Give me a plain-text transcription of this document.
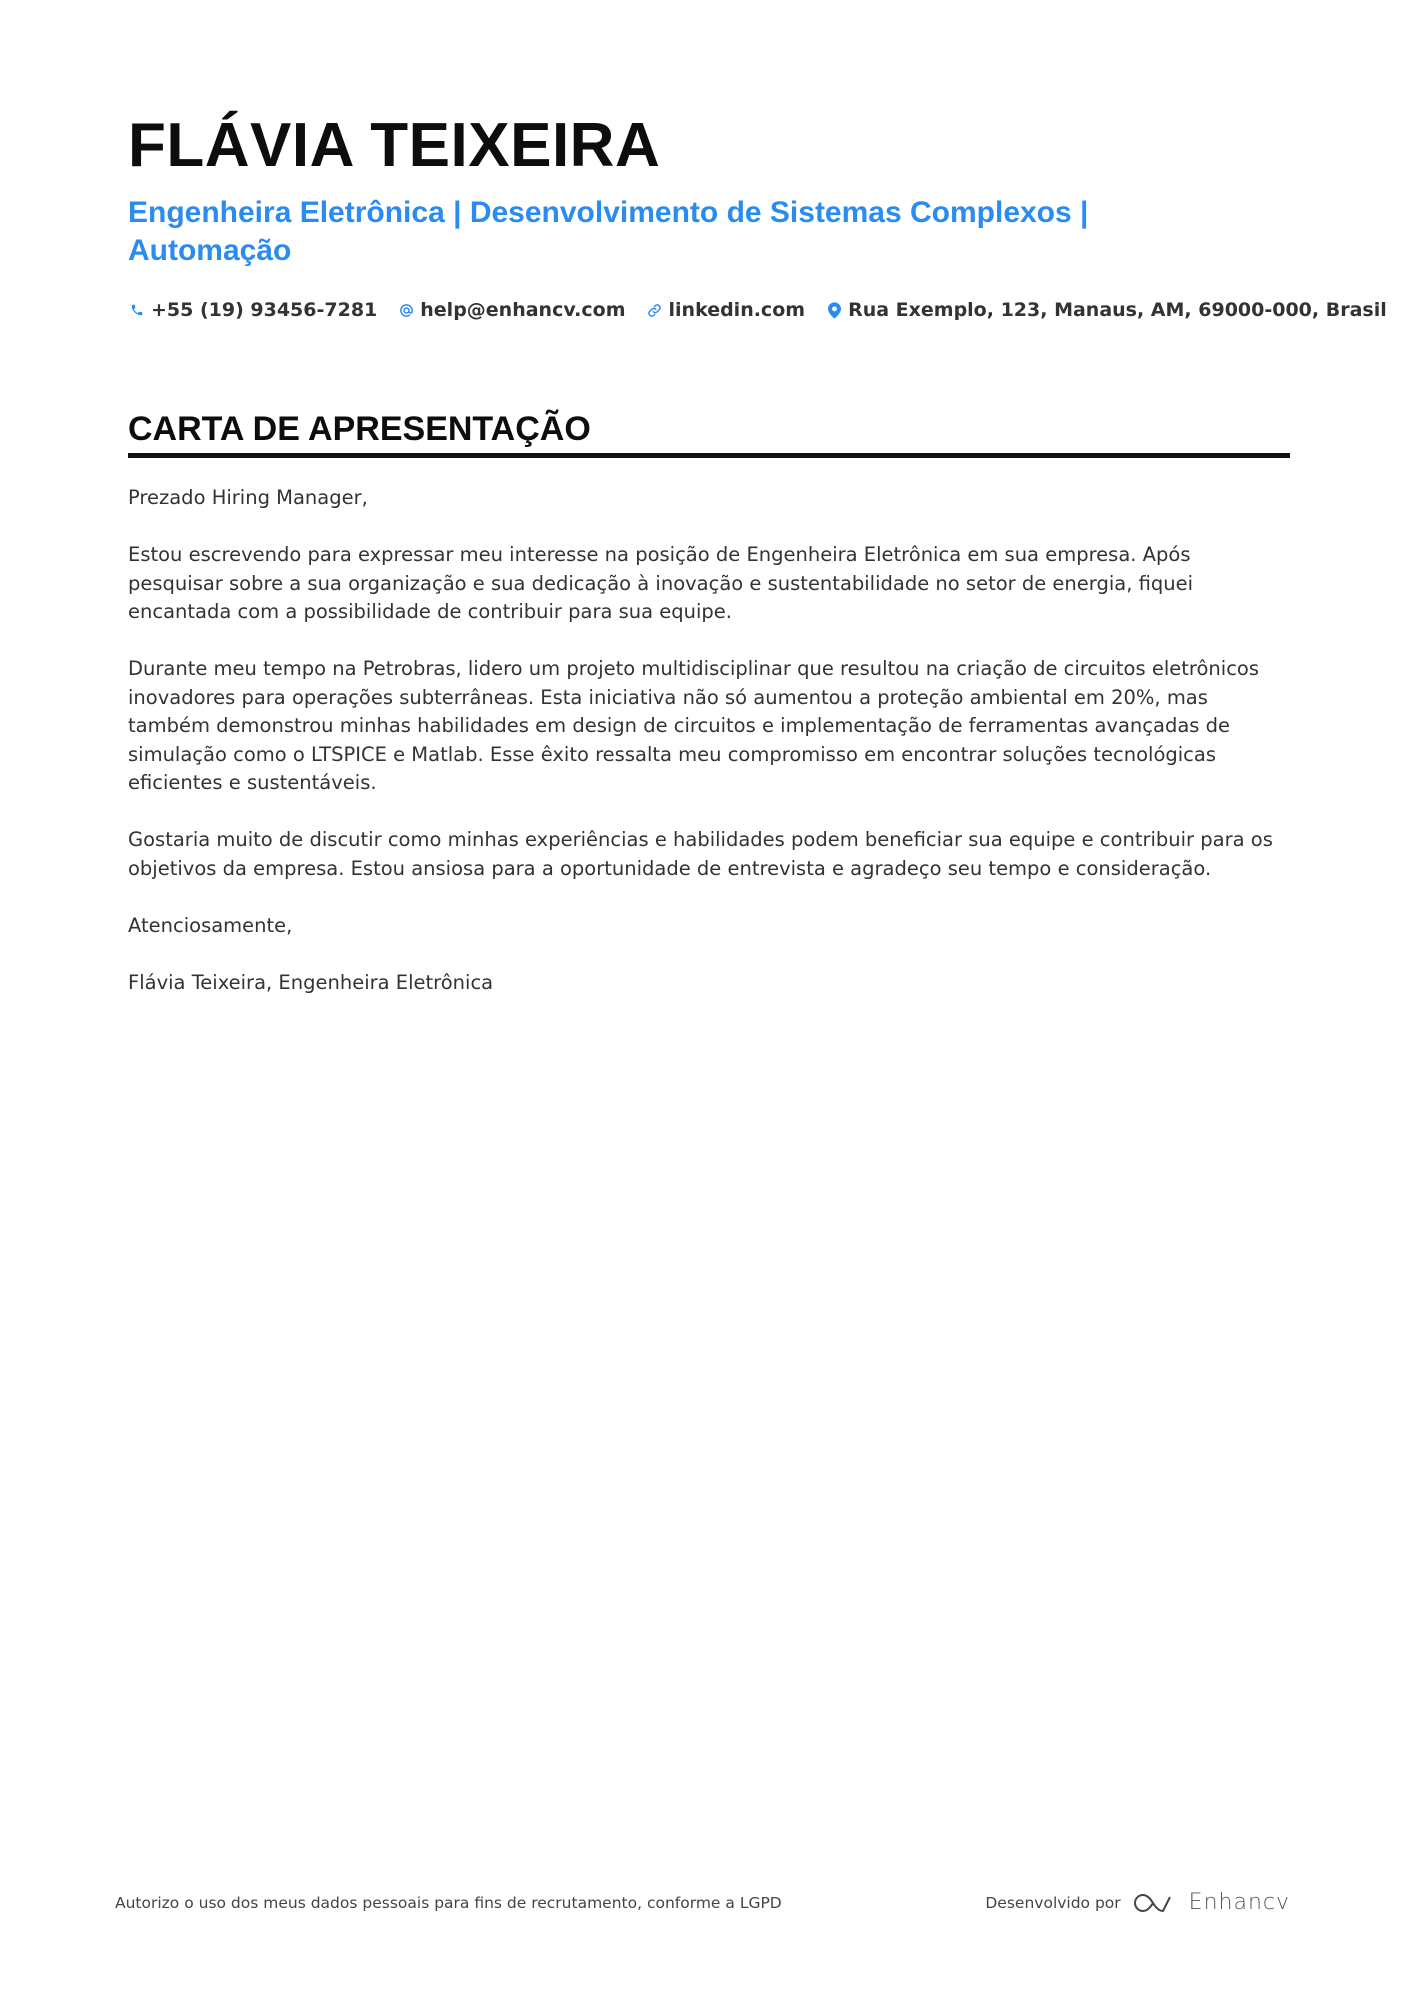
FLÁVIA TEIXEIRA
Engenheira Eletrônica | Desenvolvimento de Sistemas Complexos | Automação
+55 (19) 93456-7281 help@enhancv.com linkedin.com Rua Exemplo, 123, Manaus, AM, 69000-000, Brasil
CARTA DE APRESENTAÇÃO

Prezado Hiring Manager,

Estou escrevendo para expressar meu interesse na posição de Engenheira Eletrônica em sua empresa. Após pesquisar sobre a sua organização e sua dedicação à inovação e sustentabilidade no setor de energia, fiquei encantada com a possibilidade de contribuir para sua equipe.

Durante meu tempo na Petrobras, lidero um projeto multidisciplinar que resultou na criação de circuitos eletrônicos inovadores para operações subterrâneas. Esta iniciativa não só aumentou a proteção ambiental em 20%, mas também demonstrou minhas habilidades em design de circuitos e implementação de ferramentas avançadas de simulação como o LTSPICE e Matlab. Esse êxito ressalta meu compromisso em encontrar soluções tecnológicas eficientes e sustentáveis.

Gostaria muito de discutir como minhas experiências e habilidades podem beneficiar sua equipe e contribuir para os objetivos da empresa. Estou ansiosa para a oportunidade de entrevista e agradeço seu tempo e consideração.

Atenciosamente,

Flávia Teixeira, Engenheira Eletrônica

Autorizo o uso dos meus dados pessoais para fins de recrutamento, conforme a LGPD	Desenvolvido por	Enhancv
